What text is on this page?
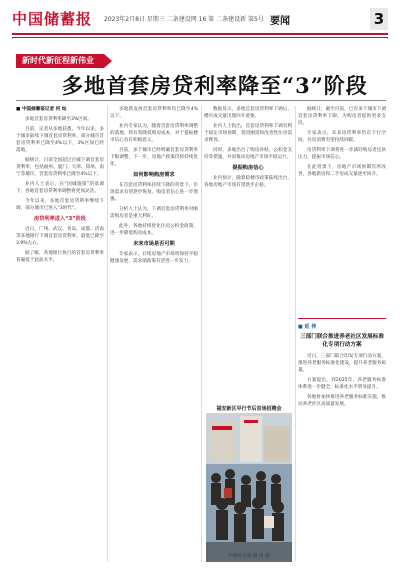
中国储蓄报 2023年2月8日 星期三 二条建设网 16 第 二条建设新 第5号 要闻	3
新时代新征程新伟业
多地首套房贷利率降至“3”阶段
■ 中国储蓄报记者 何 灿

多地首套房贷利率降至3%区间。

目前，记者从多地获悉，今年以来，多个城市陆续下调首套房贷利率，部分城市首套房贷利率已降至4%以下，3%区间已经落地。

据统计，目前全国超过百城下调首套房贷利率，包括福州、厦门、天津、郑州、南宁等城市，首套房贷利率已降至4%以下。

业内人士表示，在“因城施策”的基调下，各地首套房贷利率调整将更加灵活。

今年以来，多地首套房贷利率继续下调，部分城市已进入“3时代”。

房贷利率进入“3”阶段

近日，广州、武汉、青岛、成都、济南等多地银行下调首套房贷利率，最低已降至3.9%左右。

据了解，各地银行执行的首套房贷利率普遍低于此前水平。

多地新发放首套房贷利率均已降至4%以下。

业内专家认为，随着首套房贷利率调整的落地，将有效降低购房成本，对于提振楼市信心具有积极意义。

目前，多个城市已经明确首套房贷利率下限调整，下一步，房地产政策仍将持续优化。

如何影响购房需求

在首套房贷利率持续下降的背景下，市场需求有望逐步恢复，购房者信心进一步增强。

分析人士认为，下调首套房贷利率对刚需购房者是重大利好。

此外，各地持续优化住房公积金政策，进一步降低购房成本。

未来市场是否可期

专家表示，后续房地产市场将保持平稳健康发展，需求端政策有望进一步发力。

数据显示，多地首套房贷利率下调后，楼市成交量出现回升迹象。

业内人士指出，首套房贷利率下调有利于稳定市场预期，促进刚需和改善性住房需求释放。

同时，多地出台了购房补贴、公积金支持等措施，共同推动房地产市场平稳运行。

提振购房信心

业内预计，随着稳楼市政策陆续出台，各地房地产市场有望逐步企稳。

据统计，截至目前，已有多个城市下调首套房贷利率下限，为购房者提供更多支持。

专家表示，未来房贷利率仍有下行空间，住房消费有望持续回暖。

房贷利率下调将进一步减轻购房者还款压力，提振市场信心。

在此背景下，房地产市场预期有所改善，各地新房和二手房成交量逐步回升。

■ 延 伸
三部门联合推进养老社区发展标准化专项行动方案

近日，三部门联合印发专项行动方案，推进养老服务标准化建设，提升养老服务质量。

方案提出，到2025年，养老服务标准体系进一步健全，标准化水平明显提升。

各地将加快推进养老服务标准实施，推动养老社区高质量发展。

福安新区早行节后首场招聘会
中新社记者 杨 涛 摄
